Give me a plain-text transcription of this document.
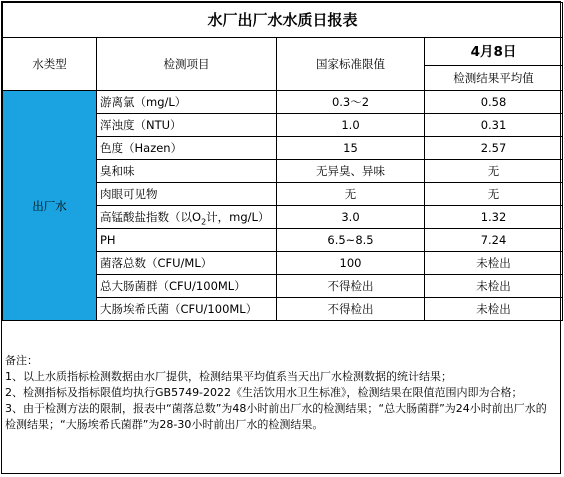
水厂出厂水水质日报表			
水类型	检测项目	国家标准限值	4月8日
			检测结果平均值
出厂水	游离氯（mg/L）	0.3～2	0.58
	浑浊度（NTU）	1.0	0.31
	色度（Hazen）	15	2.57
	臭和味	无异臭、异味	无
	肉眼可见物	无	无
	高锰酸盐指数（以$O_2$计，mg/L）	3.0	1.32
	PH	6.5~8.5	7.24
	菌落总数（CFU/ML）	100	未检出
	总大肠菌群（CFU/100ML）	不得检出	未检出
	大肠埃希氏菌（CFU/100ML）	不得检出	未检出

备注：

1、以上水质指标检测数据由水厂提供，检测结果平均值系当天出厂水检测数据的统计结果；

2、检测指标及指标限值均执行GB5749-2022《生活饮用水卫生标准》，检测结果在限值范围内即为合格；

3、由于检测方法的限制，报表中“菌落总数”为48小时前出厂水的检测结果；“总大肠菌群”为24小时前出厂水的检测结果；“大肠埃希氏菌群”为28-30小时前出厂水的检测结果。
